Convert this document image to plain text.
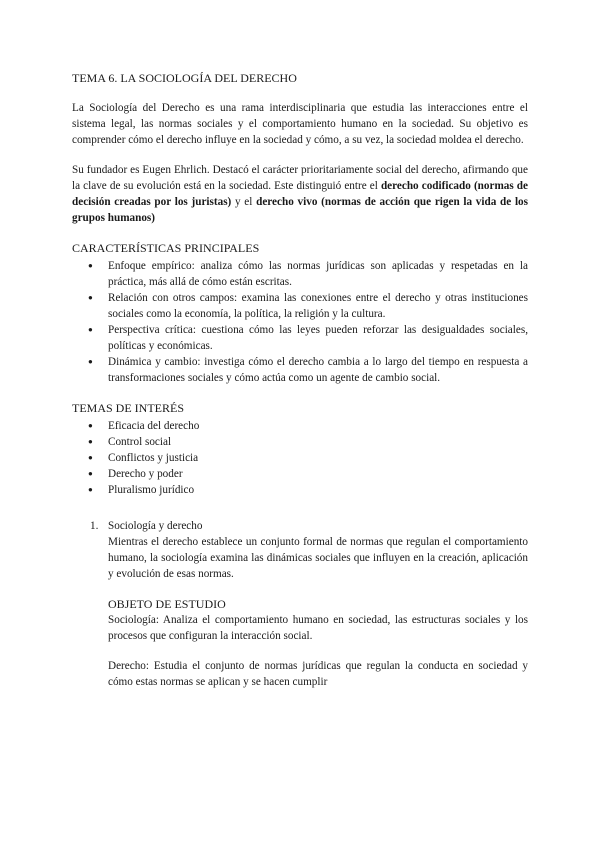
TEMA 6. LA SOCIOLOGÍA DEL DERECHO

La Sociología del Derecho es una rama interdisciplinaria que estudia las interacciones entre el sistema legal, las normas sociales y el comportamiento humano en la sociedad. Su objetivo es comprender cómo el derecho influye en la sociedad y cómo, a su vez, la sociedad moldea el derecho.

Su fundador es Eugen Ehrlich. Destacó el carácter prioritariamente social del derecho, afirmando que la clave de su evolución está en la sociedad. Este distinguió entre el derecho codificado (normas de decisión creadas por los juristas) y el derecho vivo (normas de acción que rigen la vida de los grupos humanos)

CARACTERÍSTICAS PRINCIPALES
● Enfoque empírico: analiza cómo las normas jurídicas son aplicadas y respetadas en la práctica, más allá de cómo están escritas.
● Relación con otros campos: examina las conexiones entre el derecho y otras instituciones sociales como la economía, la política, la religión y la cultura.
● Perspectiva crítica: cuestiona cómo las leyes pueden reforzar las desigualdades sociales, políticas y económicas.
● Dinámica y cambio: investiga cómo el derecho cambia a lo largo del tiempo en respuesta a transformaciones sociales y cómo actúa como un agente de cambio social.
TEMAS DE INTERÉS
● Eficacia del derecho
● Control social
● Conflictos y justicia
● Derecho y poder
● Pluralismo jurídico
1. Sociología y derecho

Mientras el derecho establece un conjunto formal de normas que regulan el comportamiento humano, la sociología examina las dinámicas sociales que influyen en la creación, aplicación y evolución de esas normas.

OBJETO DE ESTUDIO

Sociología: Analiza el comportamiento humano en sociedad, las estructuras sociales y los procesos que configuran la interacción social.

Derecho: Estudia el conjunto de normas jurídicas que regulan la conducta en sociedad y cómo estas normas se aplican y se hacen cumplir
